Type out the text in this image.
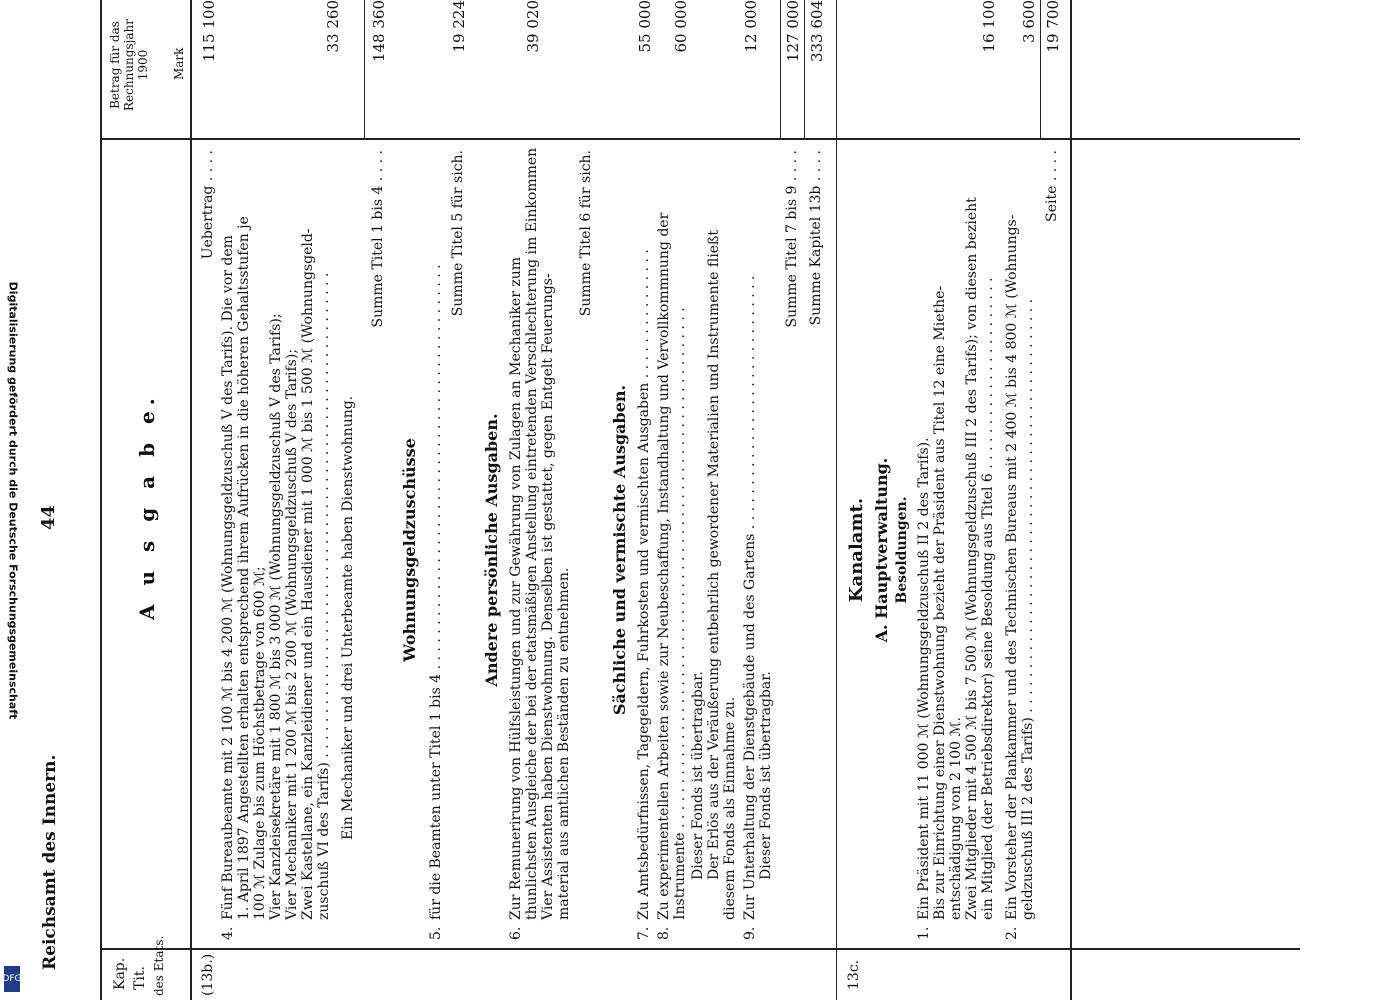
Digitalisierung gefördert durch die Deutsche Forschungsgemeinschaft
DFG
Reichsamt des Innern.
44
Kap. Tit. des Etats.
A u s g a b e.
Betrag für das Rechnungsjahr 1900 Mark
(13b.)
Uebertrag . . . .
115 100
4.
Fünf Bureaubeamte mit 2 100 ℳ bis 4 200 ℳ (Wohnungsgeldzuschuß V des Tarifs). Die vor dem 1. April 1897 Angestellten erhalten entsprechend ihrem Aufrücken in die höheren Gehaltsstufen je 100 ℳ Zulage bis zum Höchstbetrage von 600 ℳ; Vier Kanzleisekretäre mit 1 800 ℳ bis 3 000 ℳ (Wohnungsgeldzuschuß V des Tarifs); Vier Mechaniker mit 1 200 ℳ bis 2 200 ℳ (Wohnungsgeldzuschuß V des Tarifs); Zwei Kastellane, ein Kanzleidiener und ein Hausdiener mit 1 000 ℳ bis 1 500 ℳ (Wohnungsgeld- zuschuß VI des Tarifs) . . . . . . . . . . . . . . . . . . . . . . . . . . . . . . . . . . . . . . . . . . . . . . . . . . . . . . . Ein Mechaniker und drei Unterbeamte haben Dienstwohnung.
33 260
Summe Titel 1 bis 4 . . . .
148 360
Wohnungsgeldzuschüsse
5.
für die Beamten unter Titel 1 bis 4 . . . . . . . . . . . . . . . . . . . . . . . . . . . . . . . . . . . . . . . . . . . . . .
Summe Titel 5 für sich.
19 224
Andere persönliche Ausgaben.
6.
Zur Remunerirung von Hülfsleistungen und zur Gewährung von Zulagen an Mechaniker zum thunlichsten Ausgleiche der bei der etatsmäßigen Anstellung eintretenden Verschlechterung im Einkommen Vier Assistenten haben Dienstwohnung. Denselben ist gestattet, gegen Entgelt Feuerungs- material aus amtlichen Beständen zu entnehmen.
39 020
Summe Titel 6 für sich.
Sächliche und vermischte Ausgaben.
7.
Zu Amtsbedürfnissen, Tagegeldern, Fuhrkosten und vermischten Ausgaben . . . . . . . . . . . . . . .
55 000
8.
Zu experimentellen Arbeiten sowie zur Neubeschaffung, Instandhaltung und Vervollkommnung der Instrumente . . . . . . . . . . . . . . . . . . . . . . . . . . . . . . . . . . . . . . . . . . . . . . . . . . . . . . . . . . . Dieser Fonds ist übertragbar. Der Erlös aus der Veräußerung entbehrlich gewordener Materialien und Instrumente fließt diesem Fonds als Einnahme zu.
60 000
9.
Zur Unterhaltung der Dienstgebäude und des Gartens . . . . . . . . . . . . . . . . . . . . . . . . . . . . . Dieser Fonds ist übertragbar.
12 000
Summe Titel 7 bis 9 . . . .
127 000
Summe Kapitel 13b . . . .
333 604
13c.
Kanalamt. A. Hauptverwaltung. Besoldungen.
1.
Ein Präsident mit 11 000 ℳ (Wohnungsgeldzuschuß II 2 des Tarifs). Bis zur Einrichtung einer Dienstwohnung bezieht der Präsident aus Titel 12 eine Miethe- entschädigung von 2 100 ℳ. Zwei Mitglieder mit 4 500 ℳ bis 7 500 ℳ (Wohnungsgeldzuschuß III 2 des Tarifs); von diesen bezieht ein Mitglied (der Betriebsdirektor) seine Besoldung aus Titel 6 . . . . . . . . . . . . . . . . . . . . . .
16 100
2.
Ein Vorsteher der Plankammer und des Technischen Bureaus mit 2 400 ℳ bis 4 800 ℳ (Wohnungs- geldzuschuß III 2 des Tarifs) . . . . . . . . . . . . . . . . . . . . . . . . . . . . . . . . . . . . . . . . . . . . . . .
3 600
Seite . . . .
19 700
